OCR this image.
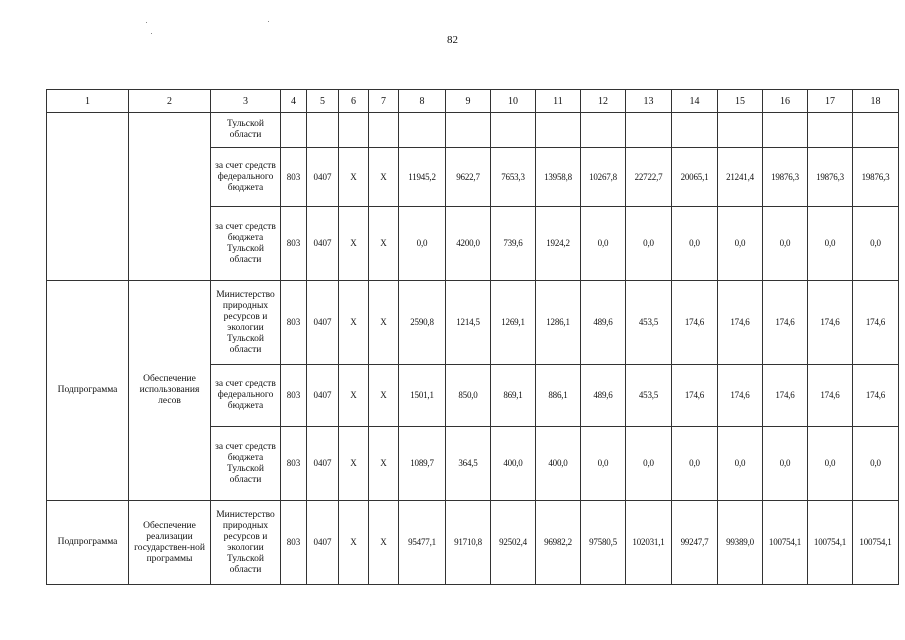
82
1	2	3	4	5	6	7	8	9	10	11	12	13	14	15	16	17	18
		Тульской области															
		за счет средств федерального бюджета	803	0407	Х	Х	11945,2	9622,7	7653,3	13958,8	10267,8	22722,7	20065,1	21241,4	19876,3	19876,3	19876,3
		за счет средств бюджета Тульской области	803	0407	Х	Х	0,0	4200,0	739,6	1924,2	0,0	0,0	0,0	0,0	0,0	0,0	0,0
Подпрограмма	Обеспечение использования лесов	Министерство природных ресурсов и экологии Тульской области	803	0407	Х	Х	2590,8	1214,5	1269,1	1286,1	489,6	453,5	174,6	174,6	174,6	174,6	174,6
		за счет средств федерального бюджета	803	0407	Х	Х	1501,1	850,0	869,1	886,1	489,6	453,5	174,6	174,6	174,6	174,6	174,6
		за счет средств бюджета Тульской области	803	0407	Х	Х	1089,7	364,5	400,0	400,0	0,0	0,0	0,0	0,0	0,0	0,0	0,0
Подпрограмма	Обеспечение реализации государствен-ной программы	Министерство природных ресурсов и экологии Тульской области	803	0407	Х	Х	95477,1	91710,8	92502,4	96982,2	97580,5	102031,1	99247,7	99389,0	100754,1	100754,1	100754,1
